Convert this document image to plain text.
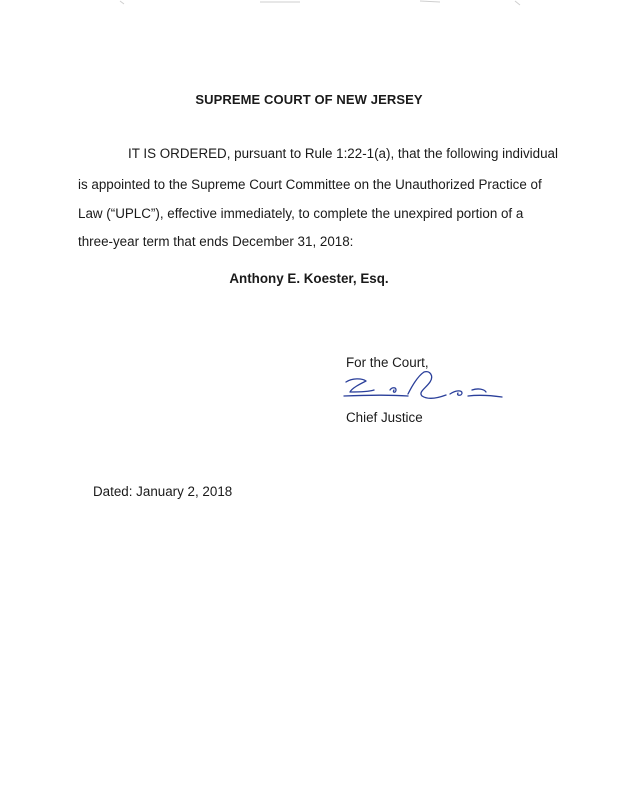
SUPREME COURT OF NEW JERSEY
IT IS ORDERED, pursuant to Rule 1:22-1(a), that the following individual
is appointed to the Supreme Court Committee on the Unauthorized Practice of
Law (“UPLC”), effective immediately, to complete the unexpired portion of a
three-year term that ends December 31, 2018:
Anthony E. Koester, Esq.
For the Court,
Chief Justice
Dated: January 2, 2018
